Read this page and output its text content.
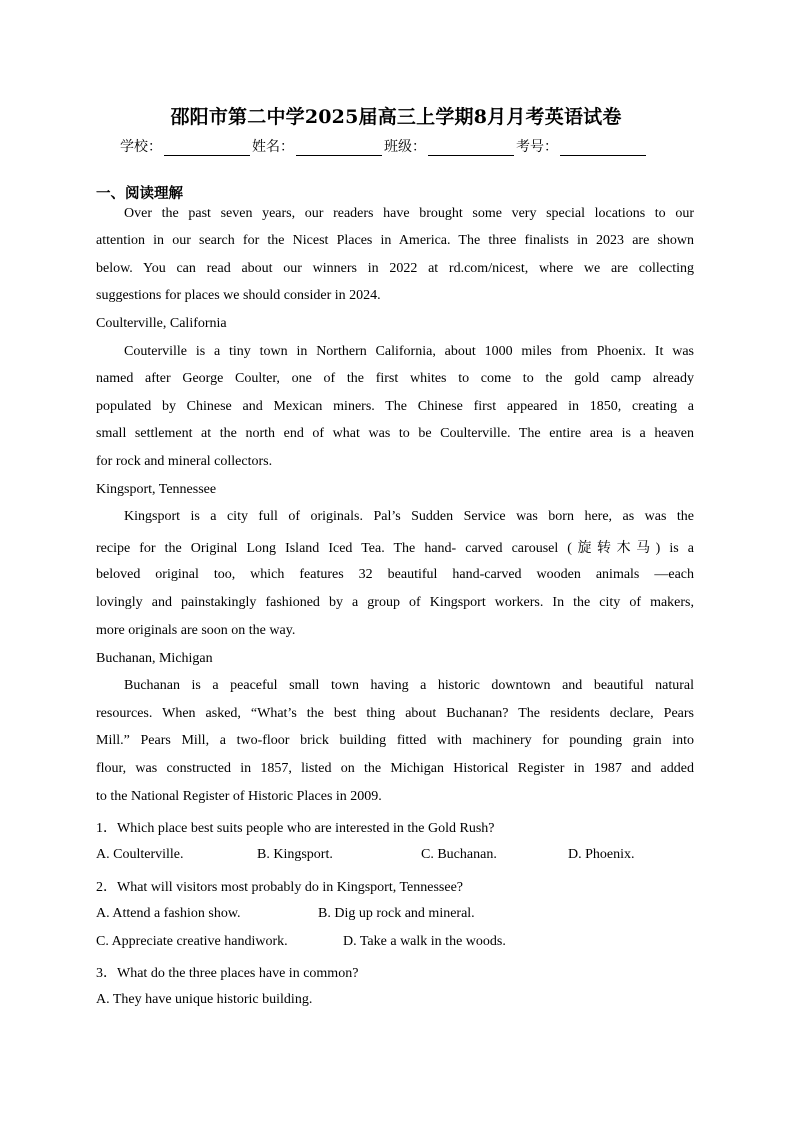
邵阳市第二中学2025届高三上学期8月月考英语试卷
学校：	姓名：	班级：	考号：
一、阅读理解
Over the past seven years, our readers have brought some very special locations to our
attention in our search for the Nicest Places in America. The three finalists in 2023 are shown
below. You can read about our winners in 2022 at rd.com/nicest, where we are collecting
suggestions for places we should consider in 2024.
Coulterville, California
Couterville is a tiny town in Northern California, about 1000 miles from Phoenix. It was
named after George Coulter, one of the first whites to come to the gold camp already
populated by Chinese and Mexican miners. The Chinese first appeared in 1850, creating a
small settlement at the north end of what was to be Coulterville. The entire area is a heaven
for rock and mineral collectors.
Kingsport, Tennessee
Kingsport is a city full of originals. Pal’s Sudden Service was born here, as was the
recipe for the Original Long Island Iced Tea. The hand- carved carousel (旋转木马) is a
beloved original too, which features 32 beautiful hand-carved wooden animals —each
lovingly and painstakingly fashioned by a group of Kingsport workers. In the city of makers,
more originals are soon on the way.
Buchanan, Michigan
Buchanan is a peaceful small town having a historic downtown and beautiful natural
resources. When asked, “What’s the best thing about Buchanan? The residents declare, Pears
Mill.” Pears Mill, a two-floor brick building fitted with machinery for pounding grain into
flour, was constructed in 1857, listed on the Michigan Historical Register in 1987 and added
to the National Register of Historic Places in 2009.
1．Which place best suits people who are interested in the Gold Rush?
A. Coulterville.	B. Kingsport.	C. Buchanan.	D. Phoenix.
2．What will visitors most probably do in Kingsport, Tennessee?
A. Attend a fashion show.	B. Dig up rock and mineral.
C. Appreciate creative handiwork.	D. Take a walk in the woods.
3．What do the three places have in common?
A. They have unique historic building.
